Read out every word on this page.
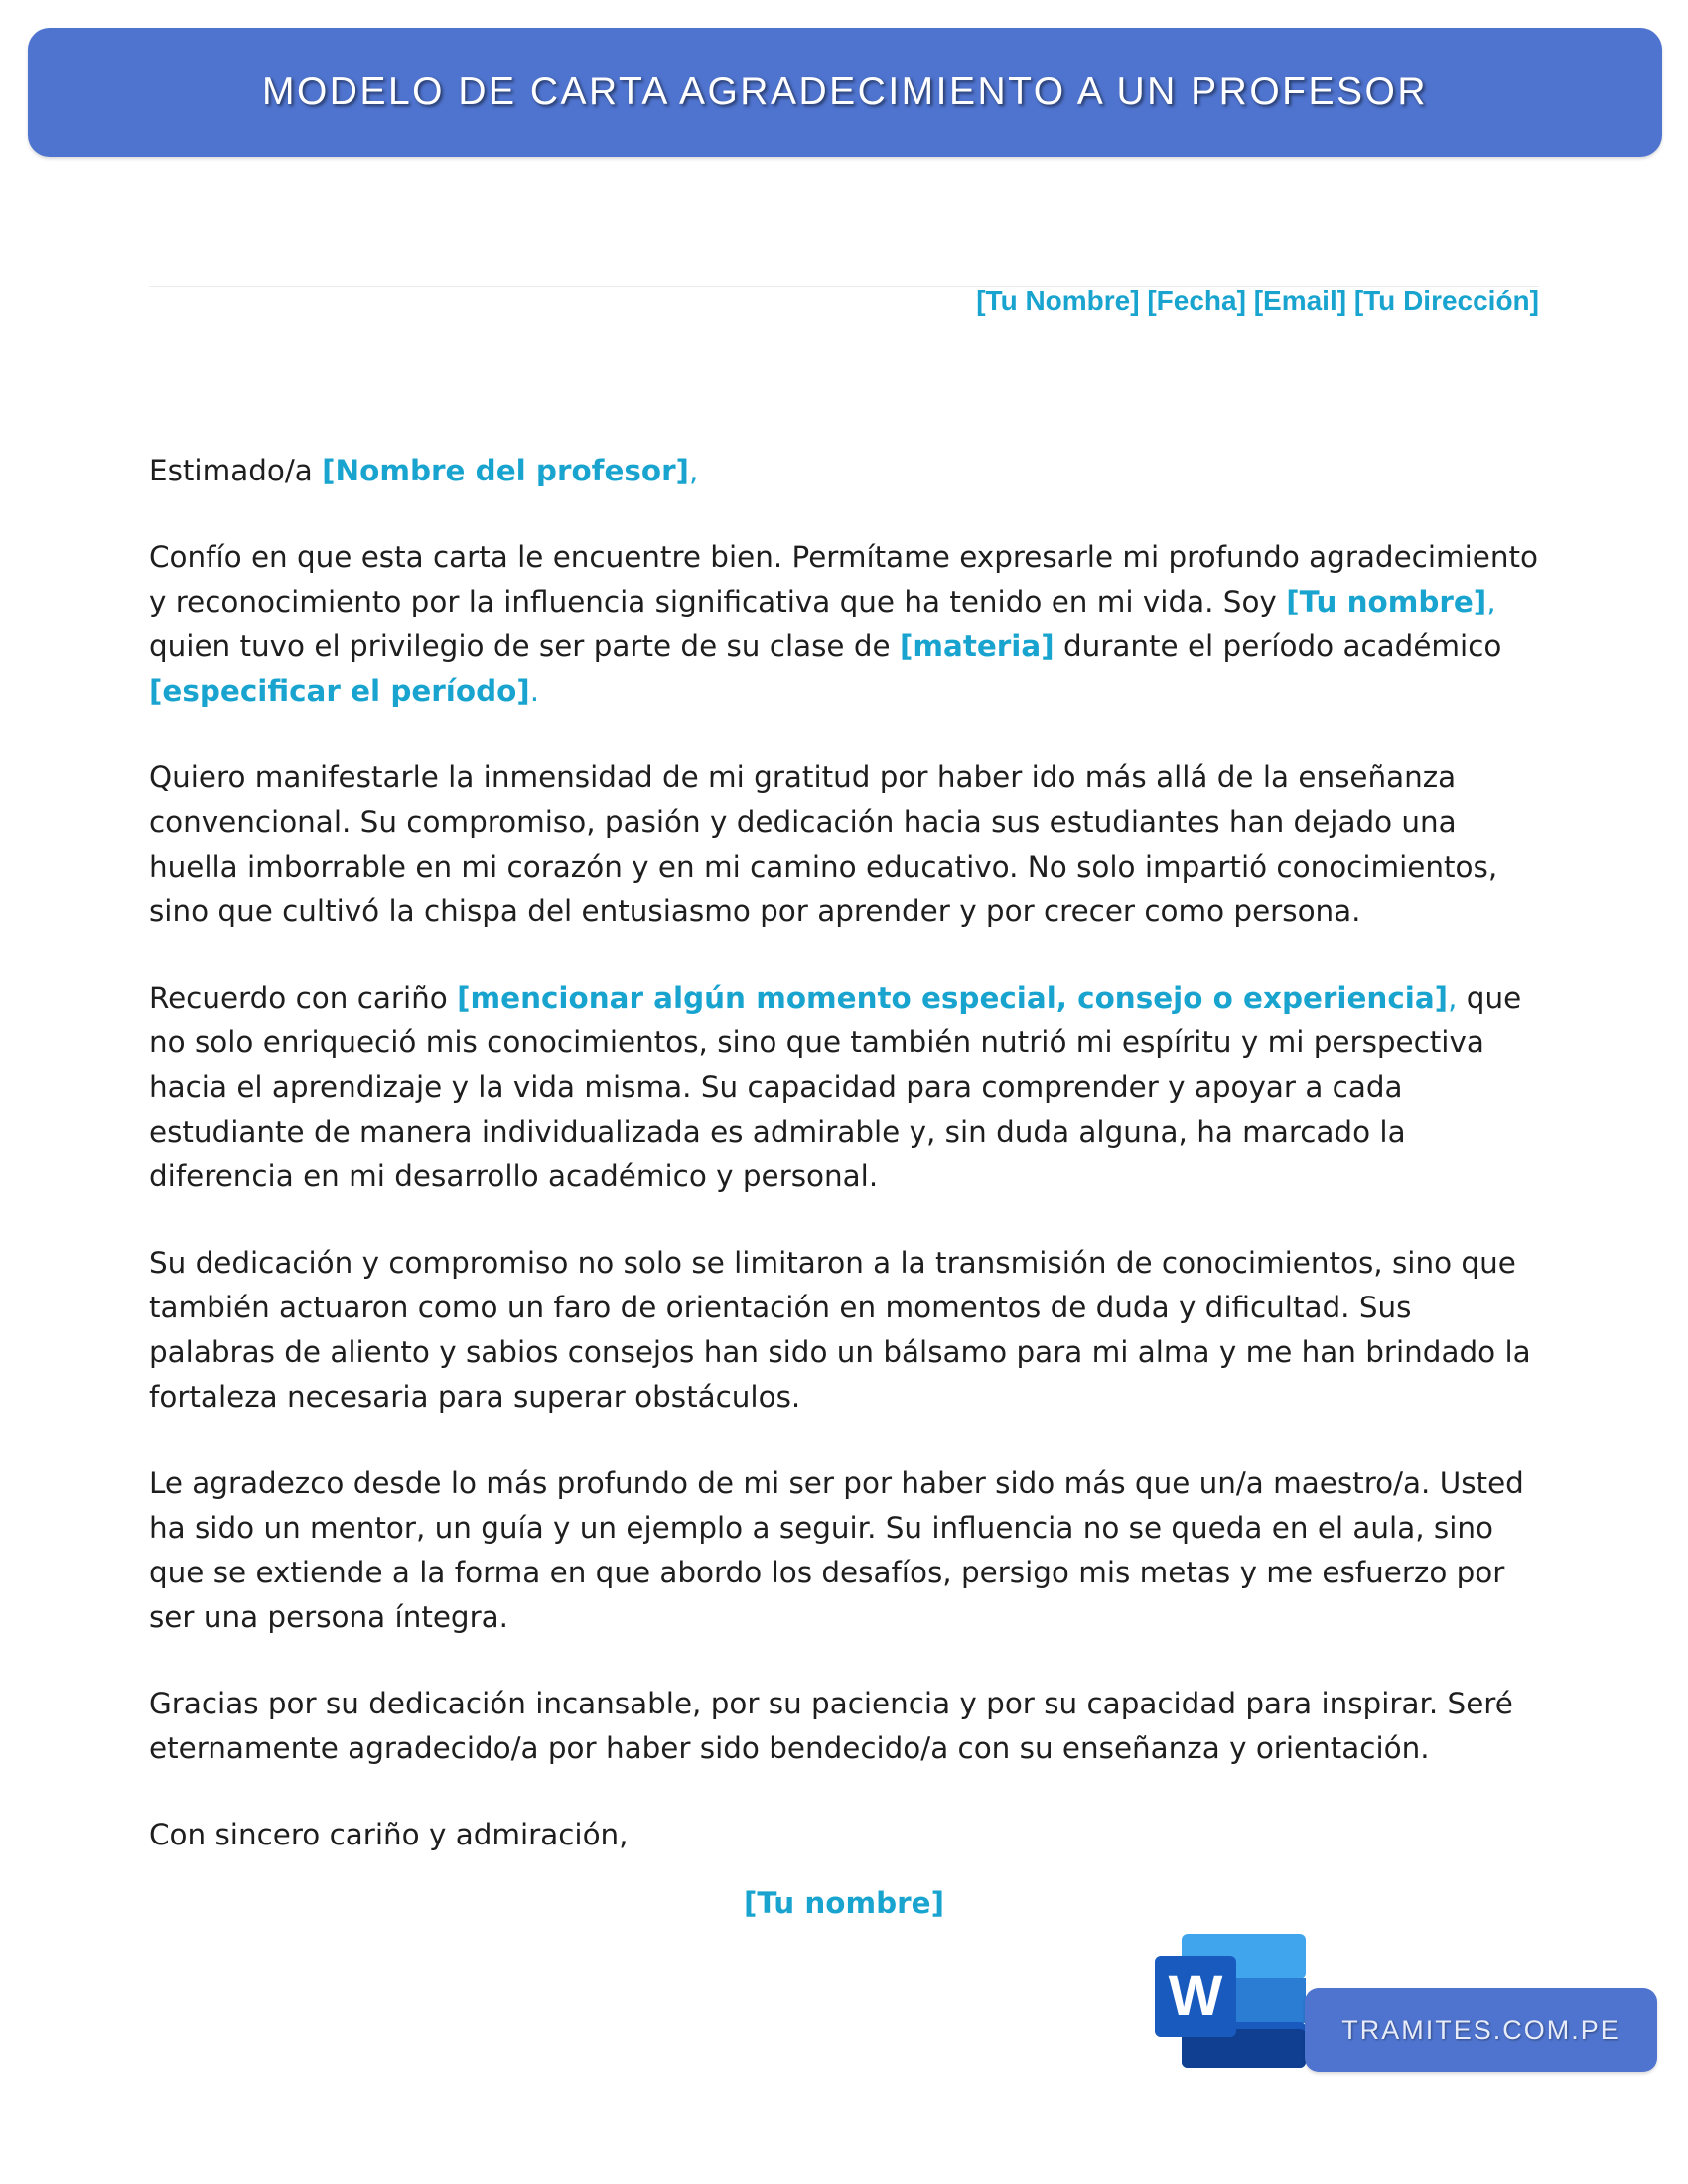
MODELO DE CARTA AGRADECIMIENTO A UN PROFESOR
[Tu Nombre] [Fecha] [Email] [Tu Dirección]

Estimado/a [Nombre del profesor],

Confío en que esta carta le encuentre bien. Permítame expresarle mi profundo agradecimiento y reconocimiento por la influencia significativa que ha tenido en mi vida. Soy [Tu nombre], quien tuvo el privilegio de ser parte de su clase de [materia] durante el período académico [especificar el período].

Quiero manifestarle la inmensidad de mi gratitud por haber ido más allá de la enseñanza convencional. Su compromiso, pasión y dedicación hacia sus estudiantes han dejado una huella imborrable en mi corazón y en mi camino educativo. No solo impartió conocimientos, sino que cultivó la chispa del entusiasmo por aprender y por crecer como persona.

Recuerdo con cariño [mencionar algún momento especial, consejo o experiencia], que no solo enriqueció mis conocimientos, sino que también nutrió mi espíritu y mi perspectiva hacia el aprendizaje y la vida misma. Su capacidad para comprender y apoyar a cada estudiante de manera individualizada es admirable y, sin duda alguna, ha marcado la diferencia en mi desarrollo académico y personal.

Su dedicación y compromiso no solo se limitaron a la transmisión de conocimientos, sino que también actuaron como un faro de orientación en momentos de duda y dificultad. Sus palabras de aliento y sabios consejos han sido un bálsamo para mi alma y me han brindado la fortaleza necesaria para superar obstáculos.

Le agradezco desde lo más profundo de mi ser por haber sido más que un/a maestro/a. Usted ha sido un mentor, un guía y un ejemplo a seguir. Su influencia no se queda en el aula, sino que se extiende a la forma en que abordo los desafíos, persigo mis metas y me esfuerzo por ser una persona íntegra.

Gracias por su dedicación incansable, por su paciencia y por su capacidad para inspirar. Seré eternamente agradecido/a por haber sido bendecido/a con su enseñanza y orientación.

Con sincero cariño y admiración,

[Tu nombre]
W
TRAMITES.COM.PE
